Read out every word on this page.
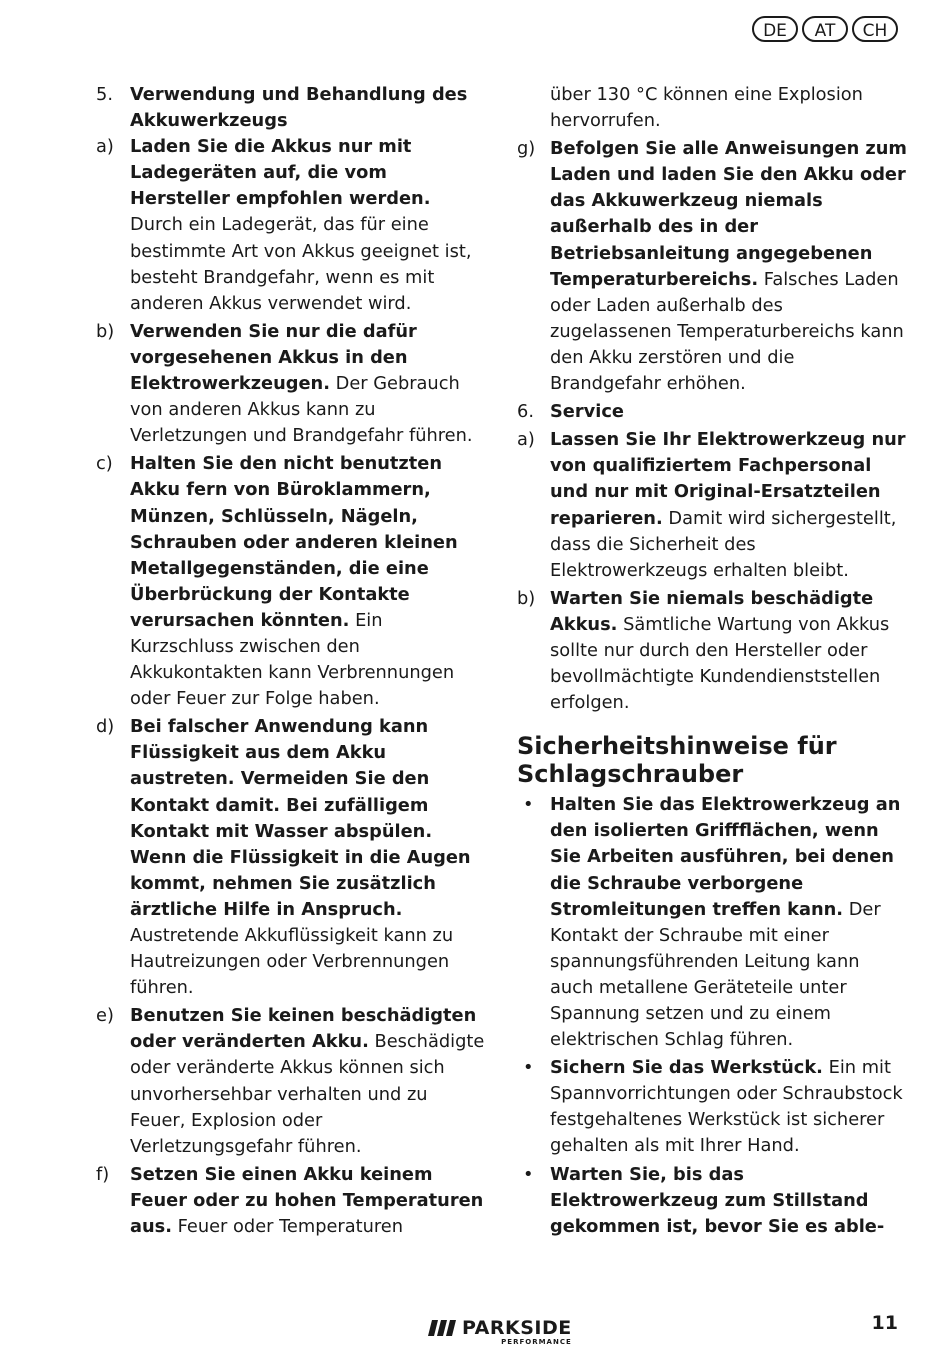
DE	AT	CH
5. Verwendung und Behandlung des Akkuwerkzeugs
a) Laden Sie die Akkus nur mit Ladegeräten auf, die vom Hersteller empfohlen werden. Durch ein Ladegerät, das für eine bestimmte Art von Akkus geeignet ist, besteht Brandgefahr, wenn es mit anderen Akkus verwendet wird.
b) Verwenden Sie nur die dafür vorgesehenen Akkus in den Elektrowerkzeugen. Der Gebrauch von anderen Akkus kann zu Verletzungen und Brandgefahr führen.
c) Halten Sie den nicht benutzten Akku fern von Büroklammern, Münzen, Schlüsseln, Nägeln, Schrauben oder anderen kleinen Metallgegenständen, die eine Überbrückung der Kontakte verursachen könnten. Ein Kurzschluss zwischen den Akkukontakten kann Verbrennungen oder Feuer zur Folge haben.
d) Bei falscher Anwendung kann Flüssigkeit aus dem Akku austreten. Vermeiden Sie den Kontakt damit. Bei zufälligem Kontakt mit Wasser abspülen. Wenn die Flüssigkeit in die Augen kommt, nehmen Sie zusätzlich ärztliche Hilfe in Anspruch. Austretende Akkuflüssigkeit kann zu Hautreizungen oder Verbrennungen führen.
e) Benutzen Sie keinen beschädigten oder veränderten Akku. Beschädigte oder veränderte Akkus können sich unvorhersehbar verhalten und zu Feuer, Explosion oder Verletzungsgefahr führen.
f)	Setzen Sie einen Akku keinem Feuer oder zu hohen Temperaturen aus. Feuer oder Temperaturen
über 130 °C können eine Explosion hervorrufen.
g) Befolgen Sie alle Anweisungen zum Laden und laden Sie den Akku oder das Akkuwerkzeug niemals außerhalb des in der Betriebsanleitung angegebenen Temperaturbereichs. Falsches Laden oder Laden außerhalb des zugelassenen Temperaturbereichs kann den Akku zerstören und die Brandgefahr erhöhen.
6. Service
a) Lassen Sie Ihr Elektrowerkzeug nur von qualifiziertem Fachpersonal und nur mit Original-Ersatzteilen reparieren. Damit wird sichergestellt, dass die Sicherheit des Elektrowerkzeugs erhalten bleibt.
b) Warten Sie niemals beschädigte Akkus. Sämtliche Wartung von Akkus sollte nur durch den Hersteller oder bevollmächtigte Kundendienststellen erfolgen.
Sicherheitshinweise für Schlagschrauber
• Halten Sie das Elektrowerkzeug an den isolierten Griffflächen, wenn Sie Arbeiten ausführen, bei denen die Schraube verborgene Stromleitungen treffen kann. Der Kontakt der Schraube mit einer spannungsführenden Leitung kann auch metallene Geräteteile unter Spannung setzen und zu einem elektrischen Schlag führen.
• Sichern Sie das Werkstück. Ein mit Spannvorrichtungen oder Schraubstock festgehaltenes Werkstück ist sicherer gehalten als mit Ihrer Hand.
• Warten Sie, bis das Elektrowerkzeug zum Stillstand gekommen ist, bevor Sie es able-
PARKSIDE
PERFORMANCE
11
